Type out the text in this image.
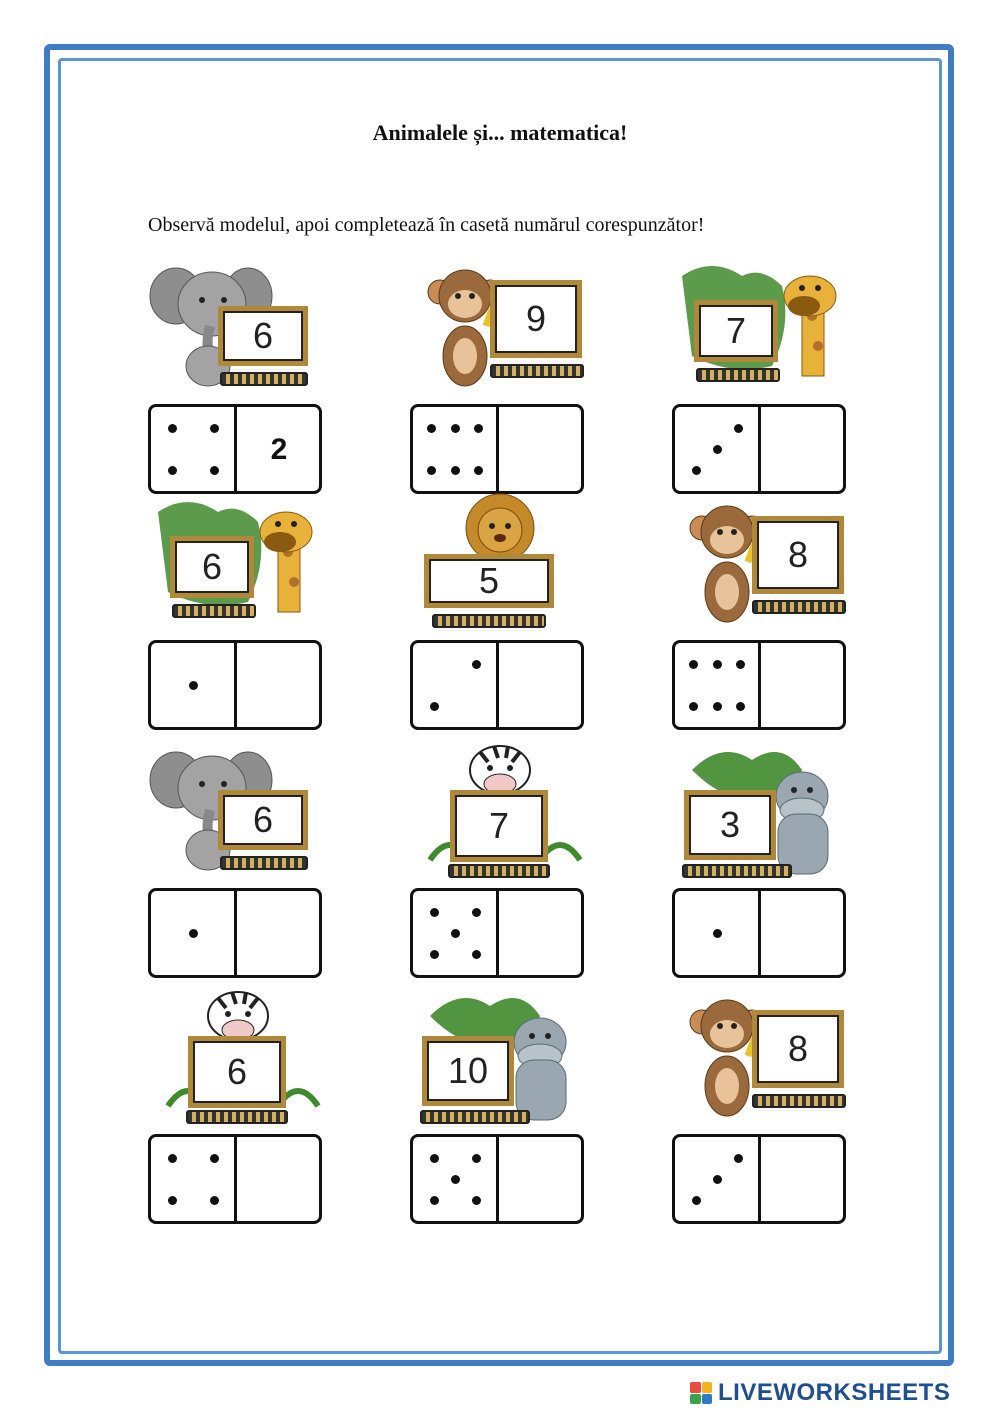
Animalele și... matematica!
Observă modelul, apoi completează în casetă numărul corespunzător!
6
2	9	7
6	5
8
6	7	3
6	10
8
LIVEWORKSHEETS
